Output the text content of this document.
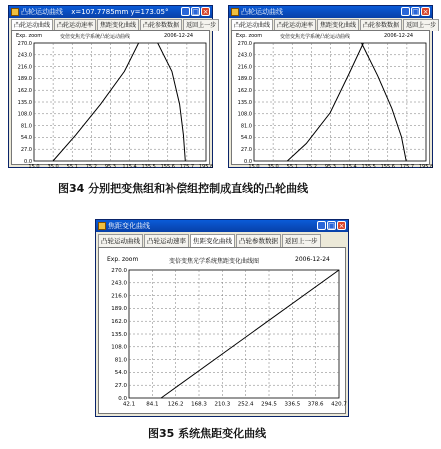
凸轮运动曲线 x=107.7785mm y=173.05°	_ □ ×
凸轮运动曲线	凸轮运动速率	焦距变化曲线	凸轮参数数据	返回上一步
Exp. zoom	变倍变焦光学系统凸轮运动曲线	2006-12-24
270.0
243.0
216.0
189.0
162.0
135.0
108.0
81.0
54.0
27.0
0.0
15.0 35.0 55.1 75.2 95.3 115.4 135.5 155.6 175.7 195.8
凸轮运动曲线	_ □ ×
凸轮运动曲线	凸轮运动速率	焦距变化曲线	凸轮参数数据	返回上一步
Exp. zoom	变倍变焦光学系统凸轮运动曲线	2006-12-24
270.0
243.0
216.0
189.0
162.0
135.0
108.0
81.0
54.0
27.0
0.0
15.0 35.0 55.1 75.2 95.3 115.4 135.5 155.6 175.7 195.8
图34 分别把变焦组和补偿组控制成直线的凸轮曲线
焦距变化曲线	_ □ ×
凸轮运动曲线	凸轮运动速率	焦距变化曲线	凸轮参数数据	返回上一步
Exp. zoom	变倍变焦光学系统焦距变化曲线图	2006-12-24
270.0
243.0
216.0
189.0
162.0
135.0
108.0
81.0
54.0
27.0
0.0
42.1 84.1 126.2 168.3 210.3 252.4 294.5 336.5 378.6 420.7
图35 系统焦距变化曲线
